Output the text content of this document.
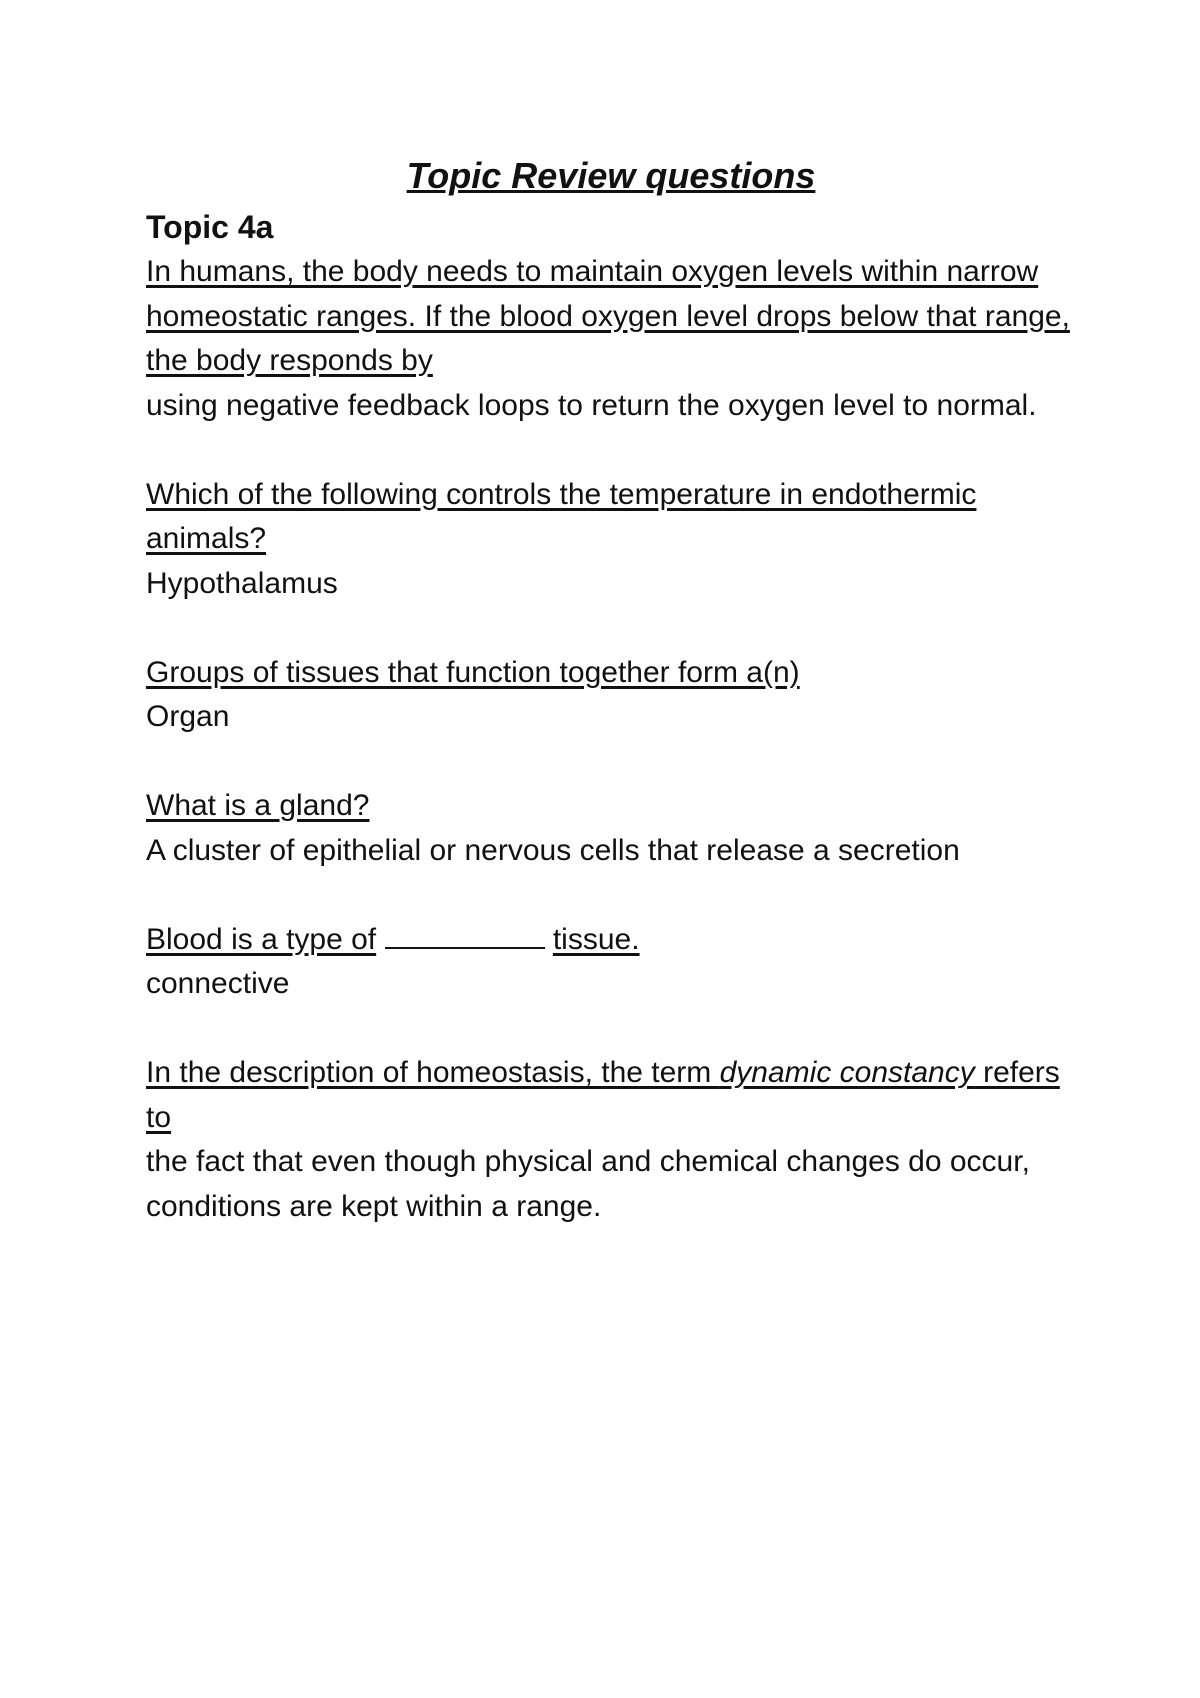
Topic Review questions
Topic 4a
In humans, the body needs to maintain oxygen levels within narrow homeostatic ranges. If the blood oxygen level drops below that range, the body responds by
using negative feedback loops to return the oxygen level to normal.
Which of the following controls the temperature in endothermic animals?
Hypothalamus
Groups of tissues that function together form a(n)
Organ
What is a gland?
A cluster of epithelial or nervous cells that release a secretion
Blood is a type of	tissue.
connective
In the description of homeostasis, the term dynamic constancy refers to
the fact that even though physical and chemical changes do occur, conditions are kept within a range.
